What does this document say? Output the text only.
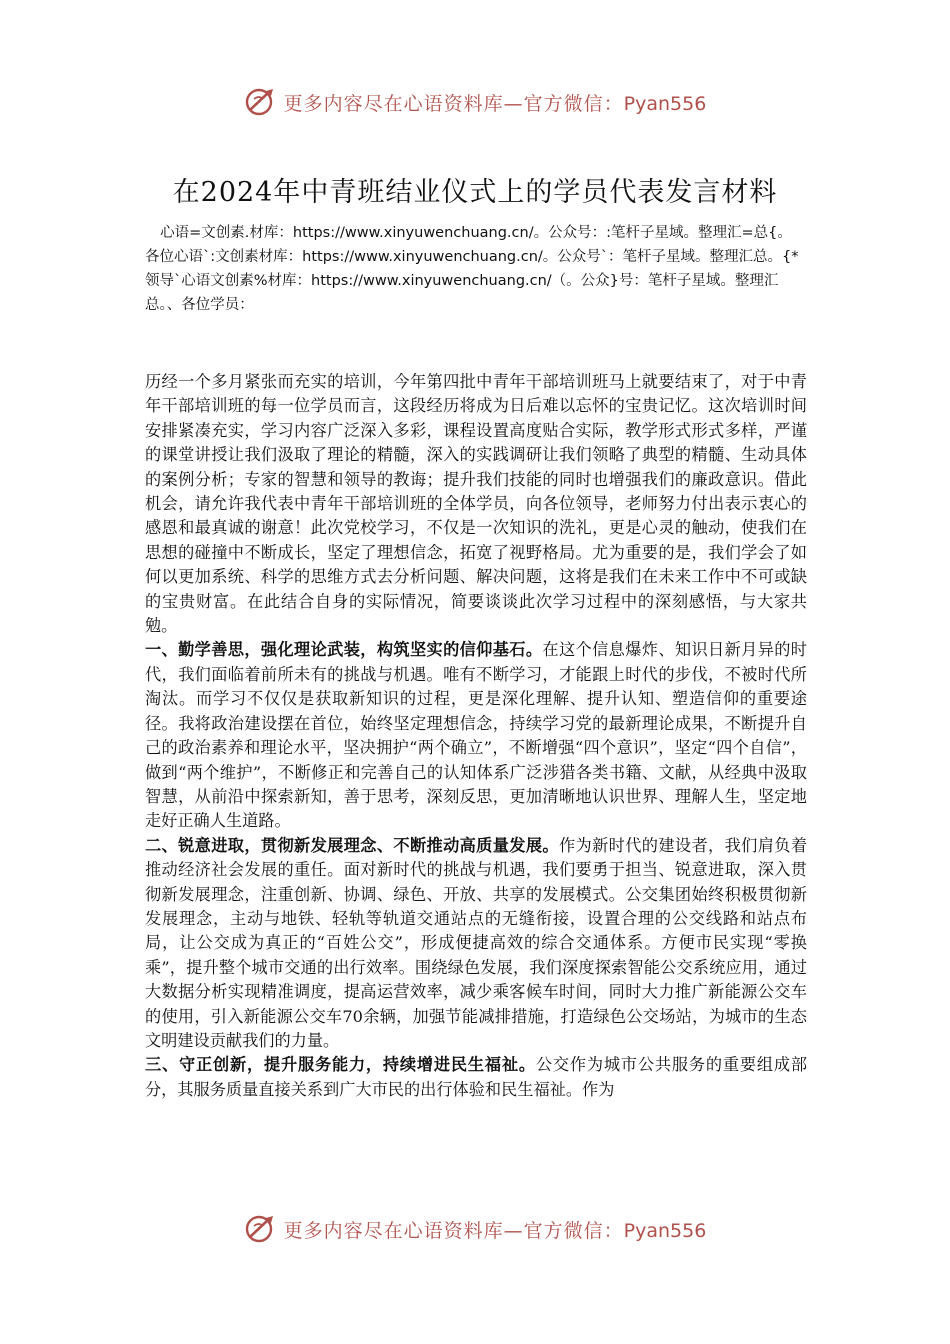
更多内容尽在心语资料库—官方微信：Pyan556
在2024年中青班结业仪式上的学员代表发言材料

心语=文创素.材库：https://www.xinyuwenchuang.cn/。公众号：:笔杆子星域。整理汇=总{。

各位心语`:文创素材库：https://www.xinyuwenchuang.cn/。公众号`：笔杆子星域。整理汇总。{*领导`心语文创素%材库：https://www.xinyuwenchuang.cn/（。公众}号：笔杆子星域。整理汇总。、各位学员：

历经一个多月紧张而充实的培训，今年第四批中青年干部培训班马上就要结束了，对于中青年干部培训班的每一位学员而言，这段经历将成为日后难以忘怀的宝贵记忆。这次培训时间安排紧凑充实，学习内容广泛深入多彩，课程设置高度贴合实际，教学形式形式多样，严谨的课堂讲授让我们汲取了理论的精髓，深入的实践调研让我们领略了典型的精髓、生动具体的案例分析；专家的智慧和领导的教诲；提升我们技能的同时也增强我们的廉政意识。借此机会，请允许我代表中青年干部培训班的全体学员，向各位领导，老师努力付出表示衷心的感恩和最真诚的谢意！此次党校学习，不仅是一次知识的洗礼，更是心灵的触动，使我们在思想的碰撞中不断成长，坚定了理想信念，拓宽了视野格局。尤为重要的是，我们学会了如何以更加系统、科学的思维方式去分析问题、解决问题，这将是我们在未来工作中不可或缺的宝贵财富。在此结合自身的实际情况，简要谈谈此次学习过程中的深刻感悟，与大家共勉。

一、勤学善思，强化理论武装，构筑坚实的信仰基石。在这个信息爆炸、知识日新月异的时代，我们面临着前所未有的挑战与机遇。唯有不断学习，才能跟上时代的步伐，不被时代所淘汰。而学习不仅仅是获取新知识的过程，更是深化理解、提升认知、塑造信仰的重要途径。我将政治建设摆在首位，始终坚定理想信念，持续学习党的最新理论成果，不断提升自己的政治素养和理论水平，坚决拥护“两个确立”，不断增强“四个意识”，坚定“四个自信”，做到“两个维护”，不断修正和完善自己的认知体系广泛涉猎各类书籍、文献，从经典中汲取智慧，从前沿中探索新知，善于思考，深刻反思，更加清晰地认识世界、理解人生，坚定地走好正确人生道路。

二、锐意进取，贯彻新发展理念、不断推动高质量发展。作为新时代的建设者，我们肩负着推动经济社会发展的重任。面对新时代的挑战与机遇，我们要勇于担当、锐意进取，深入贯彻新发展理念，注重创新、协调、绿色、开放、共享的发展模式。公交集团始终积极贯彻新发展理念，主动与地铁、轻轨等轨道交通站点的无缝衔接，设置合理的公交线路和站点布局，让公交成为真正的“百姓公交”，形成便捷高效的综合交通体系。方便市民实现“零换乘”，提升整个城市交通的出行效率。围绕绿色发展，我们深度探索智能公交系统应用，通过大数据分析实现精准调度，提高运营效率，减少乘客候车时间，同时大力推广新能源公交车的使用，引入新能源公交车70余辆，加强节能减排措施，打造绿色公交场站，为城市的生态文明建设贡献我们的力量。

三、守正创新，提升服务能力，持续增进民生福祉。公交作为城市公共服务的重要组成部分，其服务质量直接关系到广大市民的出行体验和民生福祉。作为

更多内容尽在心语资料库—官方微信：Pyan556
